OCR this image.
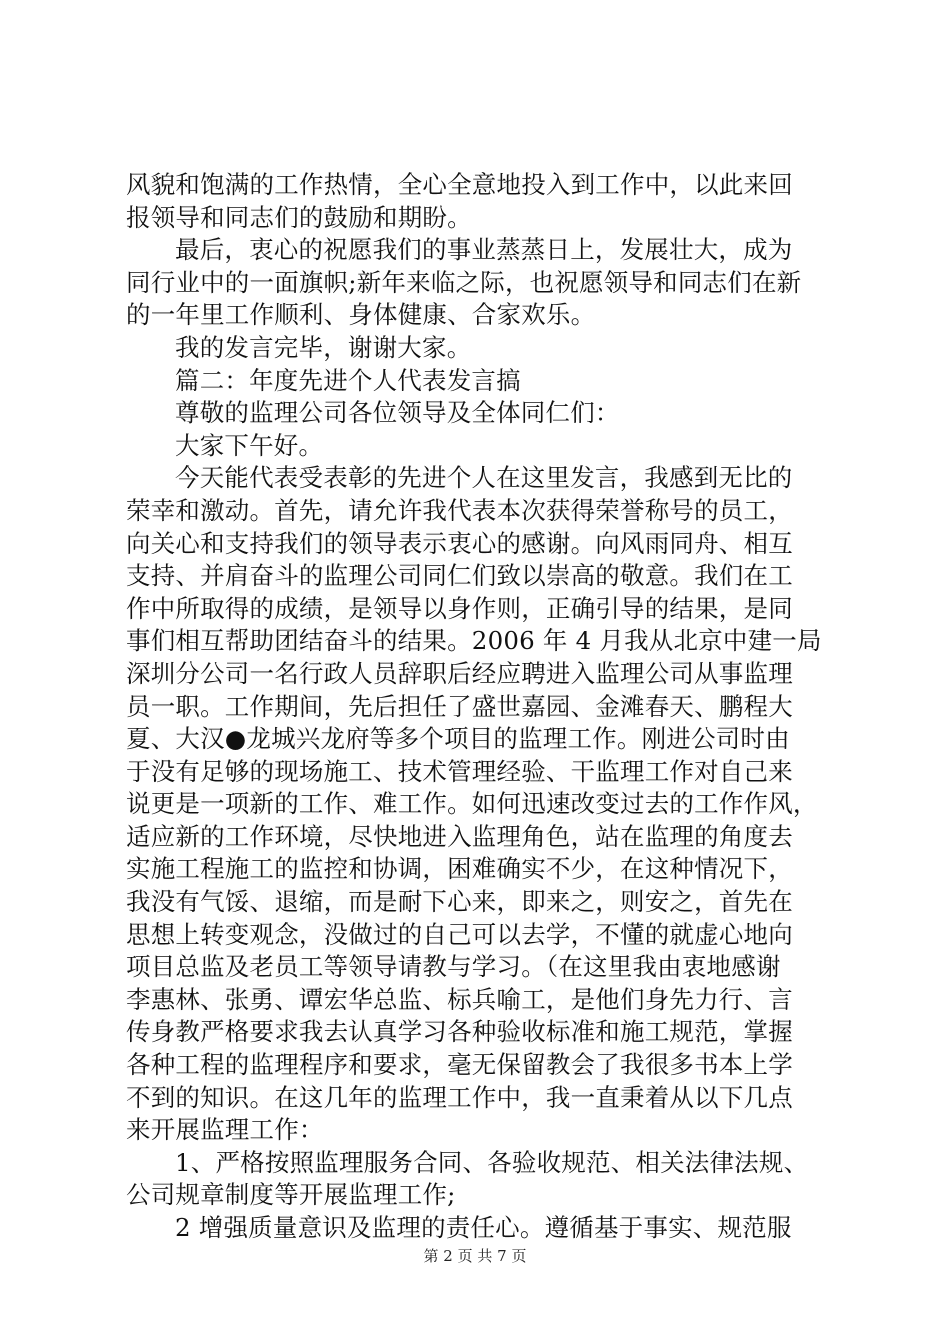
风貌和饱满的工作热情，全心全意地投入到工作中，以此来回
报领导和同志们的鼓励和期盼。
最后，衷心的祝愿我们的事业蒸蒸日上，发展壮大，成为
同行业中的一面旗帜;新年来临之际，也祝愿领导和同志们在新
的一年里工作顺利、身体健康、合家欢乐。
我的发言完毕，谢谢大家。
篇二：年度先进个人代表发言搞
尊敬的监理公司各位领导及全体同仁们：
大家下午好。
今天能代表受表彰的先进个人在这里发言，我感到无比的
荣幸和激动。首先，请允许我代表本次获得荣誉称号的员工，
向关心和支持我们的领导表示衷心的感谢。向风雨同舟、相互
支持、并肩奋斗的监理公司同仁们致以崇高的敬意。我们在工
作中所取得的成绩，是领导以身作则，正确引导的结果，是同
事们相互帮助团结奋斗的结果。2006 年 4 月我从北京中建一局
深圳分公司一名行政人员辞职后经应聘进入监理公司从事监理
员一职。工作期间，先后担任了盛世嘉园、金滩春天、鹏程大
夏、大汉●龙城兴龙府等多个项目的监理工作。刚进公司时由
于没有足够的现场施工、技术管理经验、干监理工作对自己来
说更是一项新的工作、难工作。如何迅速改变过去的工作作风，
适应新的工作环境，尽快地进入监理角色，站在监理的角度去
实施工程施工的监控和协调，困难确实不少，在这种情况下，
我没有气馁、退缩，而是耐下心来，即来之，则安之，首先在
思想上转变观念，没做过的自己可以去学，不懂的就虚心地向
项目总监及老员工等领导请教与学习。（在这里我由衷地感谢
李惠林、张勇、谭宏华总监、标兵喻工，是他们身先力行、言
传身教严格要求我去认真学习各种验收标准和施工规范，掌握
各种工程的监理程序和要求，毫无保留教会了我很多书本上学
不到的知识。在这几年的监理工作中，我一直秉着从以下几点
来开展监理工作：
1、严格按照监理服务合同、各验收规范、相关法律法规、
公司规章制度等开展监理工作;
2 增强质量意识及监理的责任心。遵循基于事实、规范服
第 2 页 共 7 页
